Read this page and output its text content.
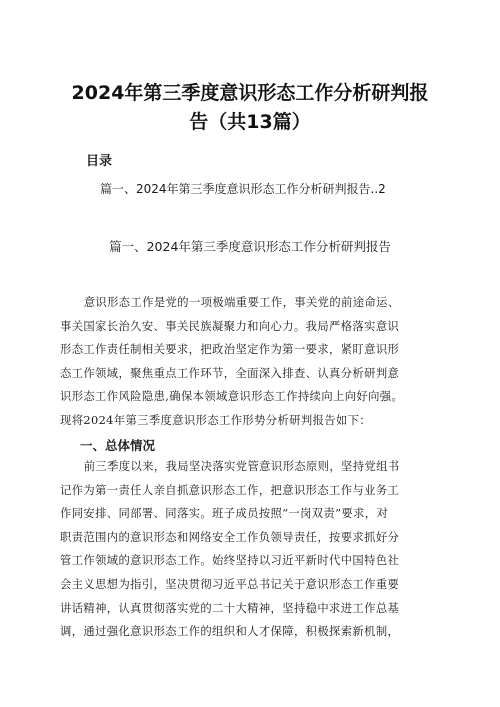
2024年第三季度意识形态工作分析研判报
告（共13篇）
目录
篇一、2024年第三季度意识形态工作分析研判报告..2
篇一、2024年第三季度意识形态工作分析研判报告
意识形态工作是党的一项极端重要工作，事关党的前途命运、
事关国家长治久安、事关民族凝聚力和向心力。我局严格落实意识
形态工作责任制相关要求，把政治坚定作为第一要求，紧盯意识形
态工作领域，聚焦重点工作环节，全面深入排查、认真分析研判意
识形态工作风险隐患,确保本领域意识形态工作持续向上向好向强。
现将2024年第三季度意识形态工作形势分析研判报告如下：
一、总体情况
前三季度以来，我局坚决落实党管意识形态原则，坚持党组书
记作为第一责任人亲自抓意识形态工作，把意识形态工作与业务工
作同安排、同部署、同落实。班子成员按照“一岗双责”要求，对
职责范围内的意识形态和网络安全工作负领导责任，按要求抓好分
管工作领域的意识形态工作。始终坚持以习近平新时代中国特色社
会主义思想为指引，坚决贯彻习近平总书记关于意识形态工作重要
讲话精神，认真贯彻落实党的二十大精神，坚持稳中求进工作总基
调，通过强化意识形态工作的组织和人才保障，积极探索新机制，
